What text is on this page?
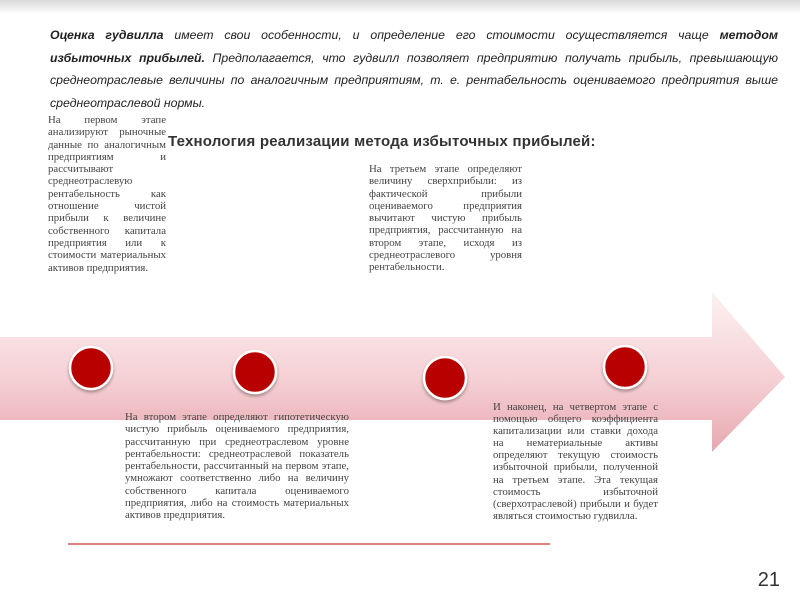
Оценка гудвилла имеет свои особенности, и определение его стоимости осуществляется чаще методом избыточных прибылей. Предполагается, что гудвилл позволяет предприятию получать прибыль, превышающую среднеотраслевые величины по аналогичным предприятиям, т. е. рентабельность оцениваемого предприятия выше среднеотраслевой нормы.

Технология реализации метода избыточных прибылей:

На первом этапе анализируют рыночные данные по аналогичным предприятиям и рассчитывают среднеотраслевую рентабельность как отношение чистой прибыли к величине собственного капитала предприятия или к стоимости материальных активов предприятия.

На втором этапе определяют гипотетическую чистую прибыль оцениваемого предприятия, рассчитанную при среднеотраслевом уровне рентабельности: среднеотраслевой показатель рентабельности, рассчитанный на первом этапе, умножают соответственно либо на величину собственного капитала оцениваемого предприятия, либо на стоимость материальных активов предприятия.

На третьем этапе определяют величину сверхприбыли: из фактической прибыли оцениваемого предприятия вычитают чистую прибыль предприятия, рассчитанную на втором этапе, исходя из среднеотраслевого уровня рентабельности.

И наконец, на четвертом этапе с помощью общего коэффициента капитализации или ставки дохода на нематериальные активы определяют текущую стоимость избыточной прибыли, полученной на третьем этапе. Эта текущая стоимость избыточной (сверхотраслевой) прибыли и будет являться стоимостью гудвилла.

21
